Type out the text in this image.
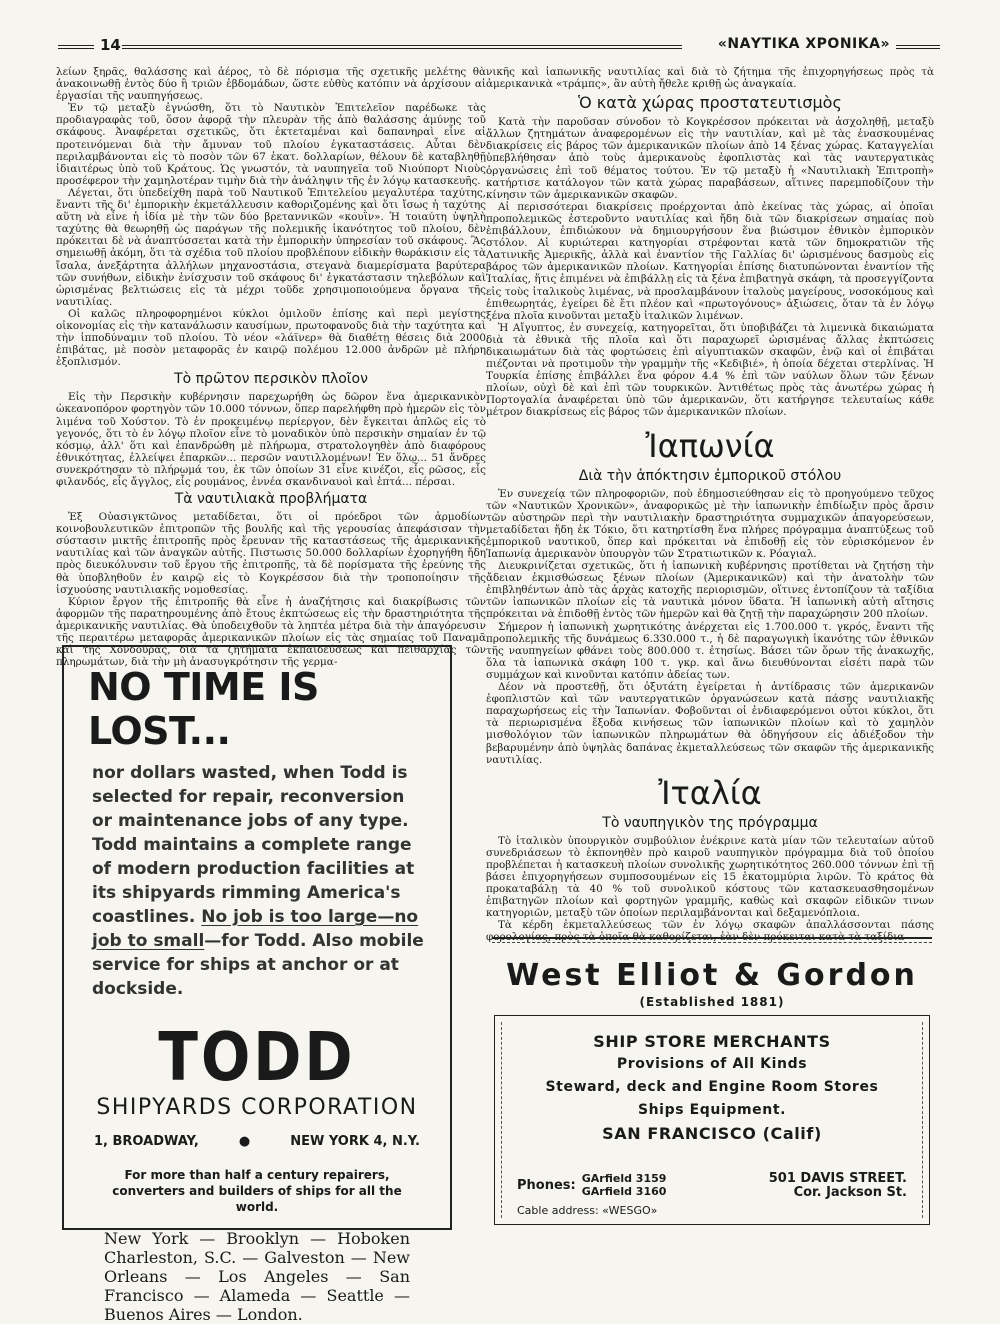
14	«ΝΑΥΤΙΚΑ ΧΡΟΝΙΚΑ»

λείων ξηρᾶς, θαλάσσης καὶ ἀέρος, τὸ δὲ πόρισμα τῆς σχετικῆς μελέτης θὰ ἀνακοινωθῇ ἐντὸς δύο ἢ τριῶν ἑβδομάδων, ὥστε εὐθὺς κατόπιν νὰ ἀρχίσουν αἱ ἐργασίαι τῆς ναυπηγήσεως.

Ἐν τῷ μεταξὺ ἐγνώσθη, ὅτι τὸ Ναυτικὸν Ἐπιτελεῖον παρέδωκε τὰς προδιαγραφὰς τοῦ, ὅσον ἀφορᾷ τὴν πλευρὰν τῆς ἀπὸ θαλάσσης ἀμύνης τοῦ σκάφους. Ἀναφέρεται σχετικῶς, ὅτι ἐκτεταμέναι καὶ δαπανηραὶ εἶνε αἱ προτεινόμεναι διὰ τὴν ἄμυναν τοῦ πλοίου ἐγκαταστάσεις. Αὗται δὲν περιλαμβάνονται εἰς τὸ ποσὸν τῶν 67 ἑκατ. δολλαρίων, θέλουν δὲ καταβληθῇ ἰδιαιτέρως ὑπὸ τοῦ Κράτους. Ὡς γνωστόν, τὰ ναυπηγεῖα τοῦ Νιούπορτ Νιοὺς προσέφερον τὴν χαμηλοτέραν τιμὴν διὰ τὴν ἀνάληψιν τῆς ἐν λόγῳ κατασκευῆς.

Λέγεται, ὅτι ὑπεδείχθη παρὰ τοῦ Ναυτικοῦ Ἐπιτελείου μεγαλυτέρα ταχύτης, ἔναντι τῆς δι' ἐμπορικὴν ἐκμετάλλευσιν καθοριζομένης καὶ ὅτι ἴσως ἡ ταχύτης αὕτη νὰ εἶνε ἡ ἰδία μὲ τὴν τῶν δύο βρεταννικῶν «κουῒν». Ἡ τοιαύτη ὑψηλὴ ταχύτης θὰ θεωρηθῇ ὡς παράγων τῆς πολεμικῆς ἱκανότητος τοῦ πλοίου, δὲν πρόκειται δὲ νὰ ἀναπτύσσεται κατὰ τὴν ἐμπορικὴν ὑπηρεσίαν τοῦ σκάφους. Ἂς σημειωθῇ ἀκόμη, ὅτι τὰ σχέδια τοῦ πλοίου προβλέπουν εἰδικὴν θωράκισιν εἰς τὰ ἴσαλα, ἀνεξάρτητα ἀλλήλων μηχανοστάσια, στεγανὰ διαμερίσματα βαρύτερα τῶν συνήθων, εἰδικὴν ἐνίσχυσιν τοῦ σκάφους δι' ἐγκατάστασιν τηλεβόλων καὶ ὡρισμένας βελτιώσεις εἰς τὰ μέχρι τοῦδε χρησιμοποιούμενα ὄργανα τῆς ναυτιλίας.

Οἱ καλῶς πληροφορημένοι κύκλοι ὁμιλοῦν ἐπίσης καὶ περὶ μεγίστης οἰκονομίας εἰς τὴν κατανάλωσιν καυσίμων, πρωτοφανοῦς διὰ τὴν ταχύτητα καὶ τὴν ἱπποδύναμιν τοῦ πλοίου. Τὸ νέον «λάϊνερ» θὰ διαθέτῃ θέσεις διὰ 2000 ἐπιβάτας, μὲ ποσὸν μεταφορᾶς ἐν καιρῷ πολέμου 12.000 ἀνδρῶν μὲ πλήρη ἐξοπλισμόν.

Τὸ πρῶτον περσικὸν πλοῖον

Εἰς τὴν Περσικὴν κυβέρνησιν παρεχωρήθη ὡς δῶρον ἕνα ἀμερικανικὸν ὠκεανοπόρον φορτηγὸν τῶν 10.000 τόννων, ὅπερ παρελήφθη πρὸ ἡμερῶν εἰς τὸν λιμένα τοῦ Χούστον. Τὸ ἐν προκειμένῳ περίεργον, δὲν ἔγκειται ἁπλῶς εἰς τὸ γεγονός, ὅτι τὸ ἐν λόγῳ πλοῖον εἶνε τὸ μοναδικὸν ὑπὸ περσικὴν σημαίαν ἐν τῷ κόσμῳ, ἀλλ' ὅτι καὶ ἐπανδρώθη μὲ πλήρωμα, στρατολογηθὲν ἀπὸ διαφόρους ἐθνικότητας, ἐλλείψει ἐπαρκῶν... περσῶν ναυτιλλομένων! Ἐν ὅλῳ... 51 ἄνδρες συνεκρότησαν τὸ πλήρωμά του, ἐκ τῶν ὁποίων 31 εἶνε κινέζοι, εἷς ρῶσος, εἷς φιλανδός, εἷς ἄγγλος, εἷς ρουμάνος, ἐννέα σκανδιναυοὶ καὶ ἑπτά... πέρσαι.

Τὰ ναυτιλιακὰ προβλήματα

Ἐξ Οὐασιγκτῶνος μεταδίδεται, ὅτι οἱ πρόεδροι τῶν ἁρμοδίων κοινοβουλευτικῶν ἐπιτροπῶν τῆς βουλῆς καὶ τῆς γερουσίας ἀπεφάσισαν τὴν σύστασιν μικτῆς ἐπιτροπῆς πρὸς ἔρευναν τῆς καταστάσεως τῆς ἀμερικανικῆς ναυτιλίας καὶ τῶν ἀναγκῶν αὐτῆς. Πιστωσις 50.000 δολλαρίων ἐχορηγήθη ἤδη πρὸς διευκόλυνσιν τοῦ ἔργου τῆς ἐπιτροπῆς, τὰ δὲ πορίσματα τῆς ἐρεύνης τῆς θὰ ὑποβληθοῦν ἐν καιρῷ εἰς τὸ Κογκρέσσον διὰ τὴν τροποποίησιν τῆς ἰσχυούσης ναυτιλιακῆς νομοθεσίας.

Κύριον ἔργον τῆς ἐπιτροπῆς θὰ εἶνε ἡ ἀναζήτησις καὶ διακρίβωσις τῶν ἀφορμῶν τῆς παρατηρουμένης ἀπὸ ἔτους ἐκπτώσεως εἰς τὴν δραστηριότητα τῆς ἀμερικανικῆς ναυτιλίας. Θὰ ὑποδειχθοῦν τὰ ληπτέα μέτρα διὰ τὴν ἀπαγόρευσιν τῆς περαιτέρω μεταφορᾶς ἀμερικανικῶν πλοίων εἰς τὰς σημαίας τοῦ Παναμᾶ καὶ τῆς Χονδούρας, διὰ τὰ ζητήματα ἐκπαιδεύσεως καὶ πειθαρχίας τῶν πληρωμάτων, διὰ τὴν μὴ ἀνασυγκρότησιν τῆς γερμα-

νικῆς καὶ ἰαπωνικῆς ναυτιλίας καὶ διὰ τὸ ζήτημα τῆς ἐπιχορηγήσεως πρὸς τὰ ἀμερικανικὰ «τράμπς», ἂν αὐτὴ ἤθελε κριθῇ ὡς ἀναγκαία.

Ὁ κατὰ χώρας προστατευτισμὸς

Κατὰ τὴν παροῦσαν σύνοδον τὸ Κογκρέσσον πρόκειται νὰ ἀσχοληθῇ, μεταξὺ ἄλλων ζητημάτων ἀναφερομένων εἰς τὴν ναυτιλίαν, καὶ μὲ τὰς ἐνασκουμένας διακρίσεις εἰς βάρος τῶν ἀμερικανικῶν πλοίων ἀπὸ 14 ξένας χώρας. Καταγγελίαι ὑπεβλήθησαν ἀπὸ τοὺς ἀμερικανοὺς ἐφοπλιστὰς καὶ τὰς ναυτεργατικὰς ὀργανώσεις ἐπὶ τοῦ θέματος τούτου. Ἐν τῷ μεταξὺ ἡ «Ναυτιλιακὴ Ἐπιτροπὴ» κατήρτισε κατάλογον τῶν κατὰ χώρας παραβάσεων, αἵτινες παρεμποδίζουν τὴν κίνησιν τῶν ἀμερικανικῶν σκαφῶν.

Αἱ περισσότεραι διακρίσεις προέρχονται ἀπὸ ἐκείνας τὰς χώρας, αἱ ὁποῖαι προπολεμικῶς ἐστεροῦντο ναυτιλίας καὶ ἤδη διὰ τῶν διακρίσεων σημαίας ποὺ ἐπιβάλλουν, ἐπιδιώκουν νὰ δημιουργήσουν ἕνα βιώσιμον ἐθνικὸν ἐμπορικὸν στόλον. Αἱ κυριώτεραι κατηγορίαι στρέφονται κατὰ τῶν δημοκρατιῶν τῆς Λατινικῆς Ἀμερικῆς, ἀλλὰ καὶ ἐναντίον τῆς Γαλλίας δι' ὡρισμένους δασμοὺς εἰς βάρος τῶν ἀμερικανικῶν πλοίων. Κατηγορίαι ἐπίσης διατυπώνονται ἐναντίον τῆς Ἰταλίας, ἥτις ἐπιμένει νὰ ἐπιβάλλῃ εἰς τὰ ξένα ἐπιβατηγὰ σκάφη, τὰ προσεγγίζοντα εἰς τοὺς ἰταλικοὺς λιμένας, νὰ προσλαμβάνουν ἰταλοὺς μαγείρους, νοσοκόμους καὶ ἐπιθεωρητάς, ἐγείρει δὲ ἔτι πλέον καὶ «πρωτογόνους» ἀξιώσεις, ὅταν τὰ ἐν λόγῳ ξένα πλοῖα κινοῦνται μεταξὺ ἰταλικῶν λιμένων.

Ἡ Αἴγυπτος, ἐν συνεχείᾳ, κατηγορεῖται, ὅτι ὑποβιβάζει τὰ λιμενικὰ δικαιώματα διὰ τὰ ἐθνικὰ τῆς πλοῖα καὶ ὅτι παραχωρεῖ ὡρισμένας ἄλλας ἐκπτώσεις δικαιωμάτων διὰ τὰς φορτώσεις ἐπὶ αἰγυπτιακῶν σκαφῶν, ἐνῷ καὶ οἱ ἐπιβάται πιέζονται νὰ προτιμοῦν τὴν γραμμὴν τῆς «Κεδιβιέ», ἡ ὁποία δέχεται στερλίνας. Ἡ Τουρκία ἐπίσης ἐπιβάλλει ἕνα φόρον 4.4 % ἐπὶ τῶν ναύλων ὅλων τῶν ξένων πλοίων, οὐχὶ δὲ καὶ ἐπὶ τῶν τουρκικῶν. Ἀντιθέτως πρὸς τὰς ἀνωτέρω χώρας ἡ Πορτογαλία ἀναφέρεται ὑπὸ τῶν ἀμερικανῶν, ὅτι κατήργησε τελευταίως κάθε μέτρον διακρίσεως εἰς βάρος τῶν ἀμερικανικῶν πλοίων.

Ἰαπωνία
Διὰ τὴν ἀπόκτησιν ἐμπορικοῦ στόλου

Ἐν συνεχείᾳ τῶν πληροφοριῶν, ποὺ ἐδημοσιεύθησαν εἰς τὸ προηγούμενο τεῦχος τῶν «Ναυτικῶν Χρονικῶν», ἀναφορικῶς μὲ τὴν ἰαπωνικὴν ἐπιδίωξιν πρὸς ἄρσιν τῶν αὐστηρῶν περὶ τὴν ναυτιλιακὴν δραστηριότητα συμμαχικῶν ἀπαγορεύσεων, μεταδίδεται ἤδη ἐκ Τόκιο, ὅτι κατηρτίσθη ἕνα πλήρες πρόγραμμα ἀναπτύξεως τοῦ ἐμπορικοῦ ναυτικοῦ, ὅπερ καὶ πρόκειται νὰ ἐπιδοθῇ εἰς τὸν εὑρισκόμενον ἐν Ἰαπωνίᾳ ἀμερικανὸν ὑπουργὸν τῶν Στρατιωτικῶν κ. Ρόαγιαλ.

Διευκρινίζεται σχετικῶς, ὅτι ἡ ἰαπωνικὴ κυβέρνησις προτίθεται νὰ ζητήσῃ τὴν ἄδειαν ἐκμισθώσεως ξένων πλοίων (Ἀμερικανικῶν) καὶ τὴν ἀνατολὴν τῶν ἐπιβληθέντων ἀπὸ τὰς ἀρχὰς κατοχῆς περιορισμῶν, οἵτινες ἐντοπίζουν τὰ ταξίδια τῶν ἰαπωνικῶν πλοίων εἰς τὰ ναυτικὰ μόνον ὕδατα. Ἡ ἰαπωνικὴ αὐτὴ αἴτησις πρόκειται νὰ ἐπιδοθῇ ἐντὸς τῶν ἡμερῶν καὶ θὰ ζητῇ τὴν παραχώρησιν 200 πλοίων.

Σήμερον ἡ ἰαπωνικὴ χωρητικότης ἀνέρχεται εἰς 1.700.000 τ. γκρός, ἔναντι τῆς προπολεμικῆς τῆς δυνάμεως 6.330.000 τ., ἡ δὲ παραγωγικὴ ἱκανότης τῶν ἐθνικῶν τῆς ναυπηγείων φθάνει τοὺς 800.000 τ. ἐτησίως. Βάσει τῶν ὅρων τῆς ἀνακωχῆς, ὅλα τὰ ἰαπωνικὰ σκάφη 100 τ. γκρ. καὶ ἄνω διευθύνονται εἰσέτι παρὰ τῶν συμμάχων καὶ κινοῦνται κατόπιν ἀδείας των.

Δέον νὰ προστεθῇ, ὅτι ὀξυτάτη ἐγείρεται ἡ ἀντίδρασις τῶν ἀμερικανῶν ἐφοπλιστῶν καὶ τῶν ναυτεργατικῶν ὀργανώσεων κατὰ πάσης ναυτιλιακῆς παραχωρήσεως εἰς τὴν Ἰαπωνίαν. Φοβοῦνται οἱ ἐνδιαφερόμενοι οὗτοι κύκλοι, ὅτι τὰ περιωρισμένα ἔξοδα κινήσεως τῶν ἰαπωνικῶν πλοίων καὶ τὸ χαμηλὸν μισθολόγιον τῶν ἰαπωνικῶν πληρωμάτων θὰ ὁδηγήσουν εἰς ἀδιέξοδον τὴν βεβαρυμένην ἀπὸ ὑψηλὰς δαπάνας ἐκμεταλλεύσεως τῶν σκαφῶν τῆς ἀμερικανικῆς ναυτιλίας.

Ἰταλία
Τὸ ναυπηγικὸν της πρόγραμμα

Τὸ ἰταλικὸν ὑπουργικὸν συμβούλιον ἐνέκρινε κατὰ μίαν τῶν τελευταίων αὐτοῦ συνεδριάσεων τὸ ἐκπονηθὲν πρὸ καιροῦ ναυπηγικὸν πρόγραμμα διὰ τοῦ ὁποίου προβλέπεται ἡ κατασκευὴ πλοίων συνολικῆς χωρητικότητος 260.000 τόννων ἐπὶ τῇ βάσει ἐπιχορηγήσεων συμποσουμένων εἰς 15 ἑκατομμύρια λιρῶν. Τὸ κράτος θὰ προκαταβάλῃ τὰ 40 % τοῦ συνολικοῦ κόστους τῶν κατασκευασθησομένων ἐπιβατηγῶν πλοίων καὶ φορτηγῶν γραμμῆς, καθὼς καὶ σκαφῶν εἰδικῶν τινων κατηγοριῶν, μεταξὺ τῶν ὁποίων περιλαμβάνονται καὶ δεξαμενόπλοια.

Τὰ κέρδη ἐκμεταλλεύσεως τῶν ἐν λόγῳ σκαφῶν ἀπαλλάσσονται πάσης φορολογίας, πρὸς τὰ ὁποῖα θὰ καθορίζεται, ἐὰν δὲν πρόκειται κατὰ τὰ ταξίδια

NO TIME IS LOST...
nor dollars wasted, when Todd is selected for repair, reconversion or maintenance jobs of any type. Todd maintains a complete range of modern production facilities at its shipyards rimming America's coastlines. No job is too large—no job to small—for Todd. Also mobile service for ships at anchor or at dockside.
TODD
SHIPYARDS CORPORATION
1, BROADWAY,	●	NEW YORK 4, N.Y.
For more than half a century repairers, converters and builders of ships for all the world.
New York — Brooklyn — Hoboken Charleston, S.C. — Galveston — New Orleans — Los Angeles — San Francisco — Alameda — Seattle — Buenos Aires — London.
West Elliot & Gordon
(Established 1881)
SHIP STORE MERCHANTS
Provisions of All Kinds
Steward, deck and Engine Room Stores
Ships Equipment.
SAN FRANCISCO (Calif)
Phones: GArfield 3159
GArfield 3160
501 DAVIS STREET.
Cor. Jackson St.
Cable address: «WESGO»
